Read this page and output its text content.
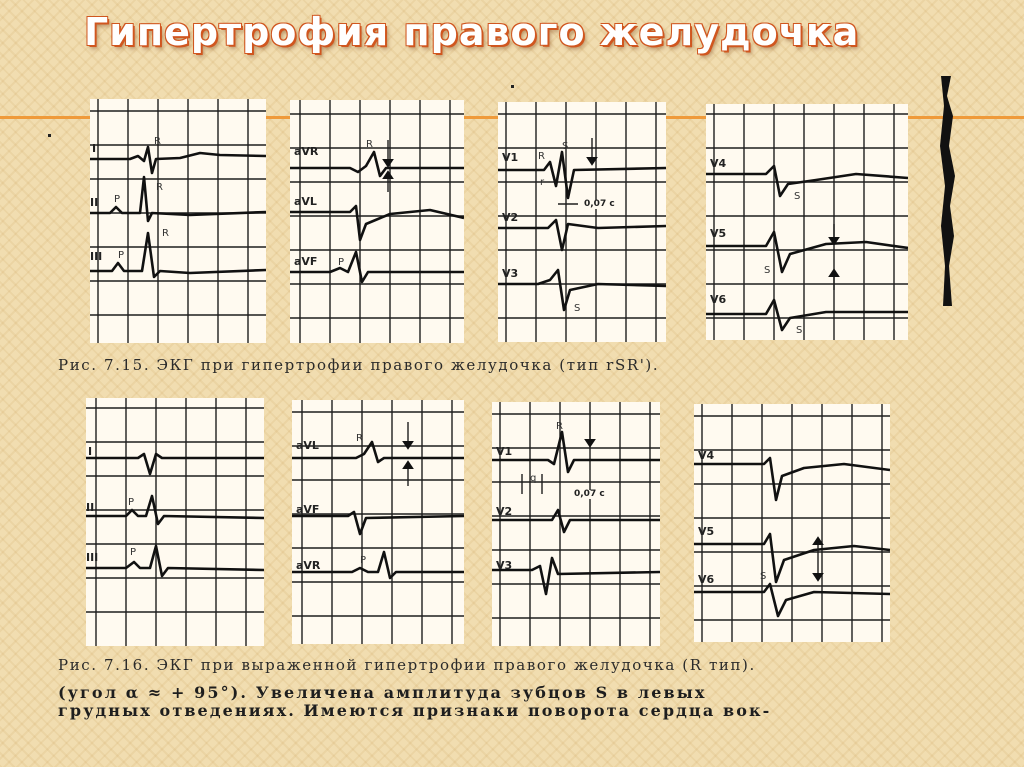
Гипертрофия правого желудочка
I
II
III
R
P
R
P
R
aVR
aVL
aVF
R
P
V1
V2
V3
R
r
S
S
0,07 с
V4
V5
V6
S
S
S
Рис. 7.15. ЭКГ при гипертрофии правого желудочка (тип rSR').
I
II
III
P
P
aVL
aVF
aVR
R
P
V1
V2
V3
R
q
0,07 с
V4
V5
V6	S
Рис. 7.16. ЭКГ при выраженной гипертрофии правого желудочка (R тип).
(угол α ≈ + 95°). Увеличена амплитуда зубцов S в левых
грудных отведениях. Имеются признаки поворота сердца вок-
